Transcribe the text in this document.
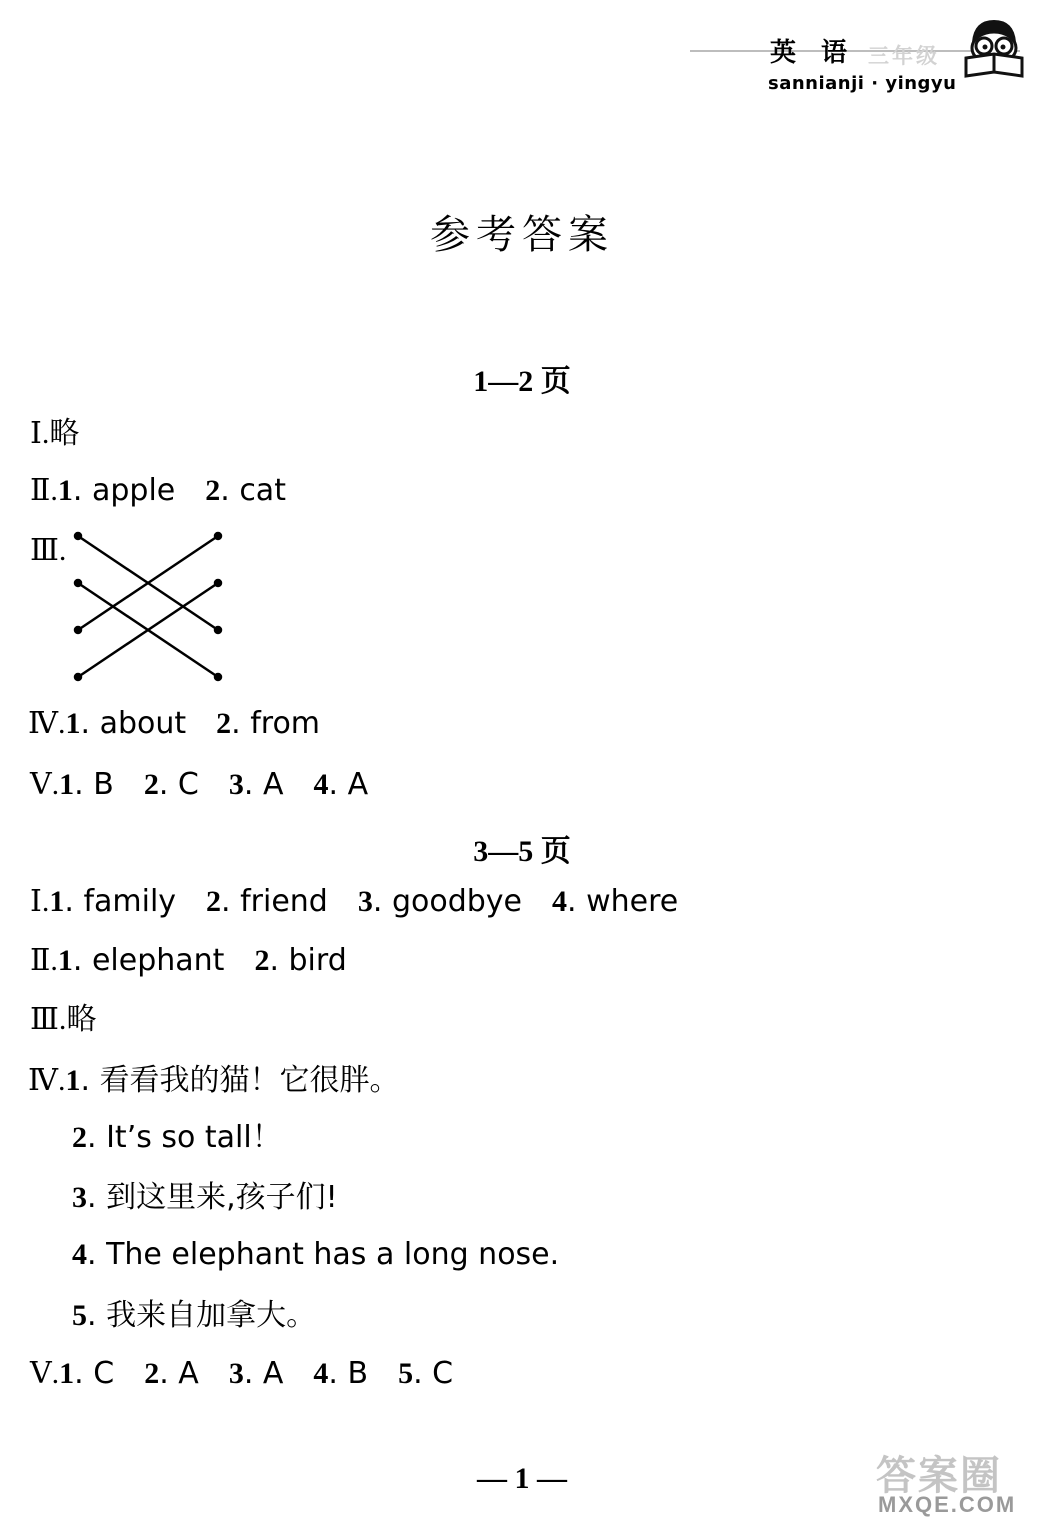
英 语 三年级
sannianji · yingyu
参考答案
1—2 页
Ⅰ.略
Ⅱ.1. apple 2. cat
Ⅲ.
Ⅳ.1. about 2. from
Ⅴ.1. B 2. C 3. A 4. A
3—5 页
Ⅰ.1. family 2. friend 3. goodbye 4. where
Ⅱ.1. elephant 2. bird
Ⅲ.略
Ⅳ.1. 看看我的猫！它很胖。
2. It’s so tall！
3. 到这里来,孩子们!
4. The elephant has a long nose.
5. 我来自加拿大。
Ⅴ.1. C 2. A 3. A 4. B 5. C
— 1 —	答案圈
MXQE.COM
